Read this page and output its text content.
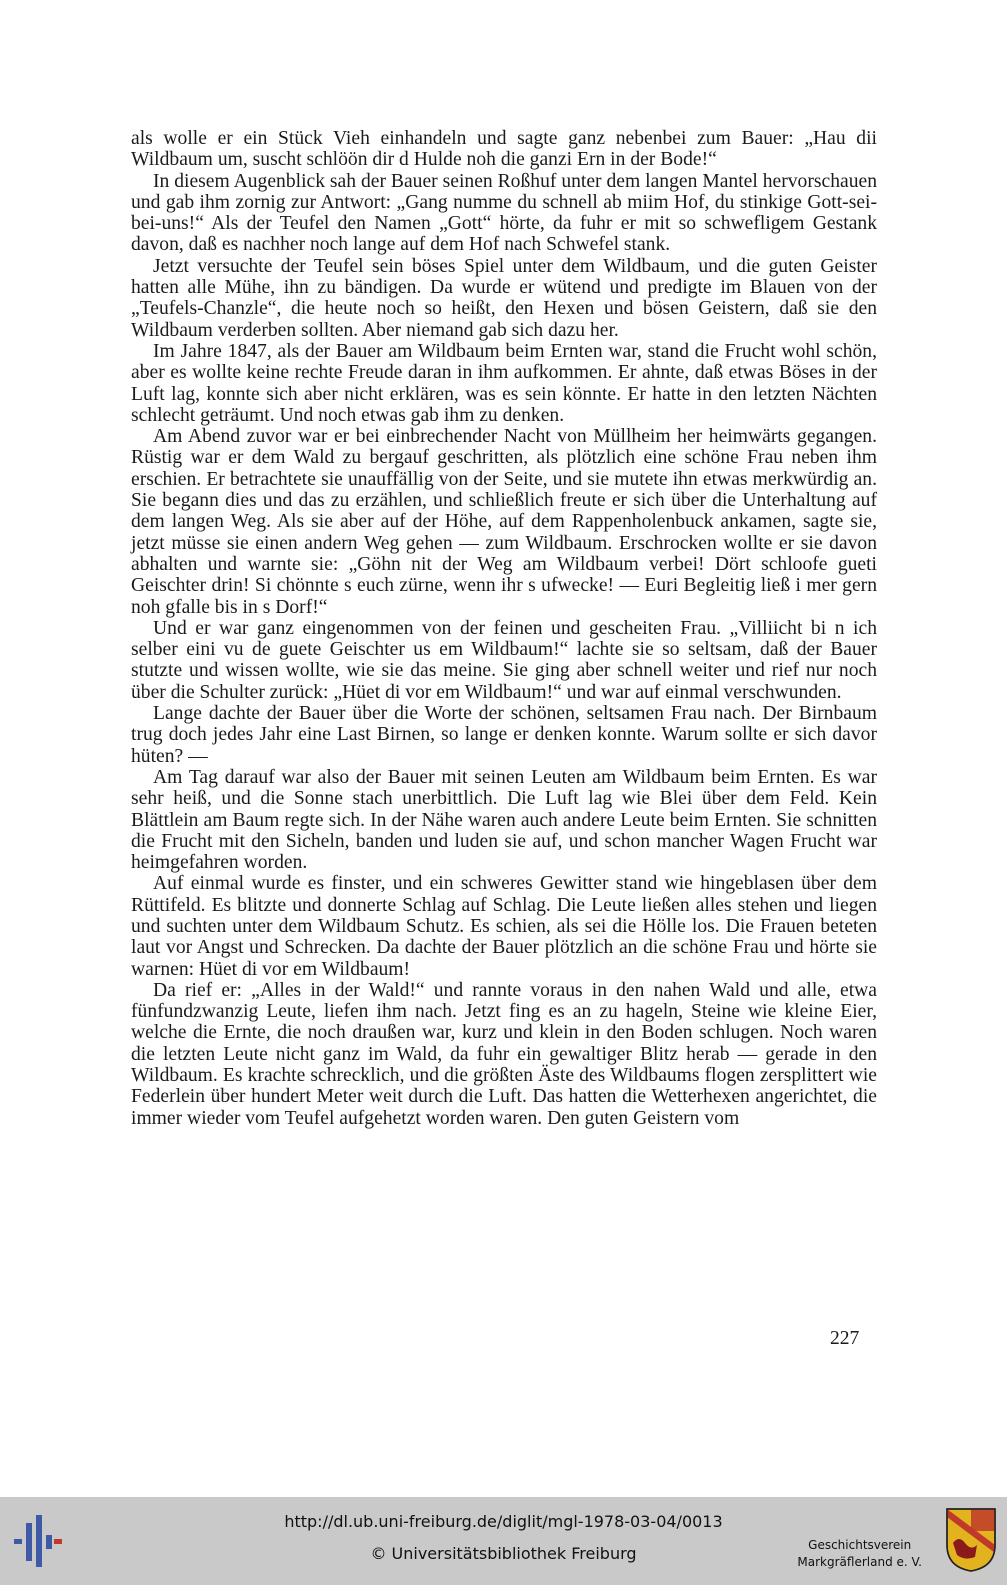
als wolle er ein Stück Vieh einhandeln und sagte ganz nebenbei zum Bauer: „Hau dii Wildbaum um, suscht schlöön dir d Hulde noh die ganzi Ern in der Bode!“

In diesem Augenblick sah der Bauer seinen Roßhuf unter dem langen Mantel hervorschauen und gab ihm zornig zur Antwort: „Gang numme du schnell ab miim Hof, du stinkige Gott-sei-bei-uns!“ Als der Teufel den Namen „Gott“ hörte, da fuhr er mit so schwefligem Gestank davon, daß es nachher noch lange auf dem Hof nach Schwefel stank.

Jetzt versuchte der Teufel sein böses Spiel unter dem Wildbaum, und die guten Geister hatten alle Mühe, ihn zu bändigen. Da wurde er wütend und predigte im Blauen von der „Teufels-Chanzle“, die heute noch so heißt, den Hexen und bösen Geistern, daß sie den Wildbaum verderben sollten. Aber niemand gab sich dazu her.

Im Jahre 1847, als der Bauer am Wildbaum beim Ernten war, stand die Frucht wohl schön, aber es wollte keine rechte Freude daran in ihm aufkommen. Er ahnte, daß etwas Böses in der Luft lag, konnte sich aber nicht erklären, was es sein könnte. Er hatte in den letzten Nächten schlecht geträumt. Und noch etwas gab ihm zu denken.

Am Abend zuvor war er bei einbrechender Nacht von Müllheim her heimwärts gegangen. Rüstig war er dem Wald zu bergauf geschritten, als plötzlich eine schöne Frau neben ihm erschien. Er betrachtete sie unauffällig von der Seite, und sie mutete ihn etwas merkwürdig an. Sie begann dies und das zu erzählen, und schließlich freute er sich über die Unterhaltung auf dem langen Weg. Als sie aber auf der Höhe, auf dem Rappenholenbuck ankamen, sagte sie, jetzt müsse sie einen andern Weg gehen — zum Wildbaum. Erschrocken wollte er sie davon abhalten und warnte sie: „Göhn nit der Weg am Wildbaum verbei! Dört schloofe gueti Geischter drin! Si chönnte s euch zürne, wenn ihr s ufwecke! — Euri Begleitig ließ i mer gern noh gfalle bis in s Dorf!“

Und er war ganz eingenommen von der feinen und gescheiten Frau. „Villiicht bi n ich selber eini vu de guete Geischter us em Wildbaum!“ lachte sie so seltsam, daß der Bauer stutzte und wissen wollte, wie sie das meine. Sie ging aber schnell weiter und rief nur noch über die Schulter zurück: „Hüet di vor em Wildbaum!“ und war auf einmal verschwunden.

Lange dachte der Bauer über die Worte der schönen, seltsamen Frau nach. Der Birnbaum trug doch jedes Jahr eine Last Birnen, so lange er denken konnte. Warum sollte er sich davor hüten? —

Am Tag darauf war also der Bauer mit seinen Leuten am Wildbaum beim Ernten. Es war sehr heiß, und die Sonne stach unerbittlich. Die Luft lag wie Blei über dem Feld. Kein Blättlein am Baum regte sich. In der Nähe waren auch andere Leute beim Ernten. Sie schnitten die Frucht mit den Sicheln, banden und luden sie auf, und schon mancher Wagen Frucht war heimgefahren worden.

Auf einmal wurde es finster, und ein schweres Gewitter stand wie hingeblasen über dem Rüttifeld. Es blitzte und donnerte Schlag auf Schlag. Die Leute ließen alles stehen und liegen und suchten unter dem Wildbaum Schutz. Es schien, als sei die Hölle los. Die Frauen beteten laut vor Angst und Schrecken. Da dachte der Bauer plötzlich an die schöne Frau und hörte sie warnen: Hüet di vor em Wildbaum!

Da rief er: „Alles in der Wald!“ und rannte voraus in den nahen Wald und alle, etwa fünfundzwanzig Leute, liefen ihm nach. Jetzt fing es an zu hageln, Steine wie kleine Eier, welche die Ernte, die noch draußen war, kurz und klein in den Boden schlugen. Noch waren die letzten Leute nicht ganz im Wald, da fuhr ein gewaltiger Blitz herab — gerade in den Wildbaum. Es krachte schrecklich, und die größten Äste des Wildbaums flogen zersplittert wie Federlein über hundert Meter weit durch die Luft. Das hatten die Wetterhexen angerichtet, die immer wieder vom Teufel aufgehetzt worden waren. Den guten Geistern vom

227
http://dl.ub.uni-freiburg.de/diglit/mgl-1978-03-04/0013
© Universitätsbibliothek Freiburg	Geschichtsverein
Markgräflerland e. V.
